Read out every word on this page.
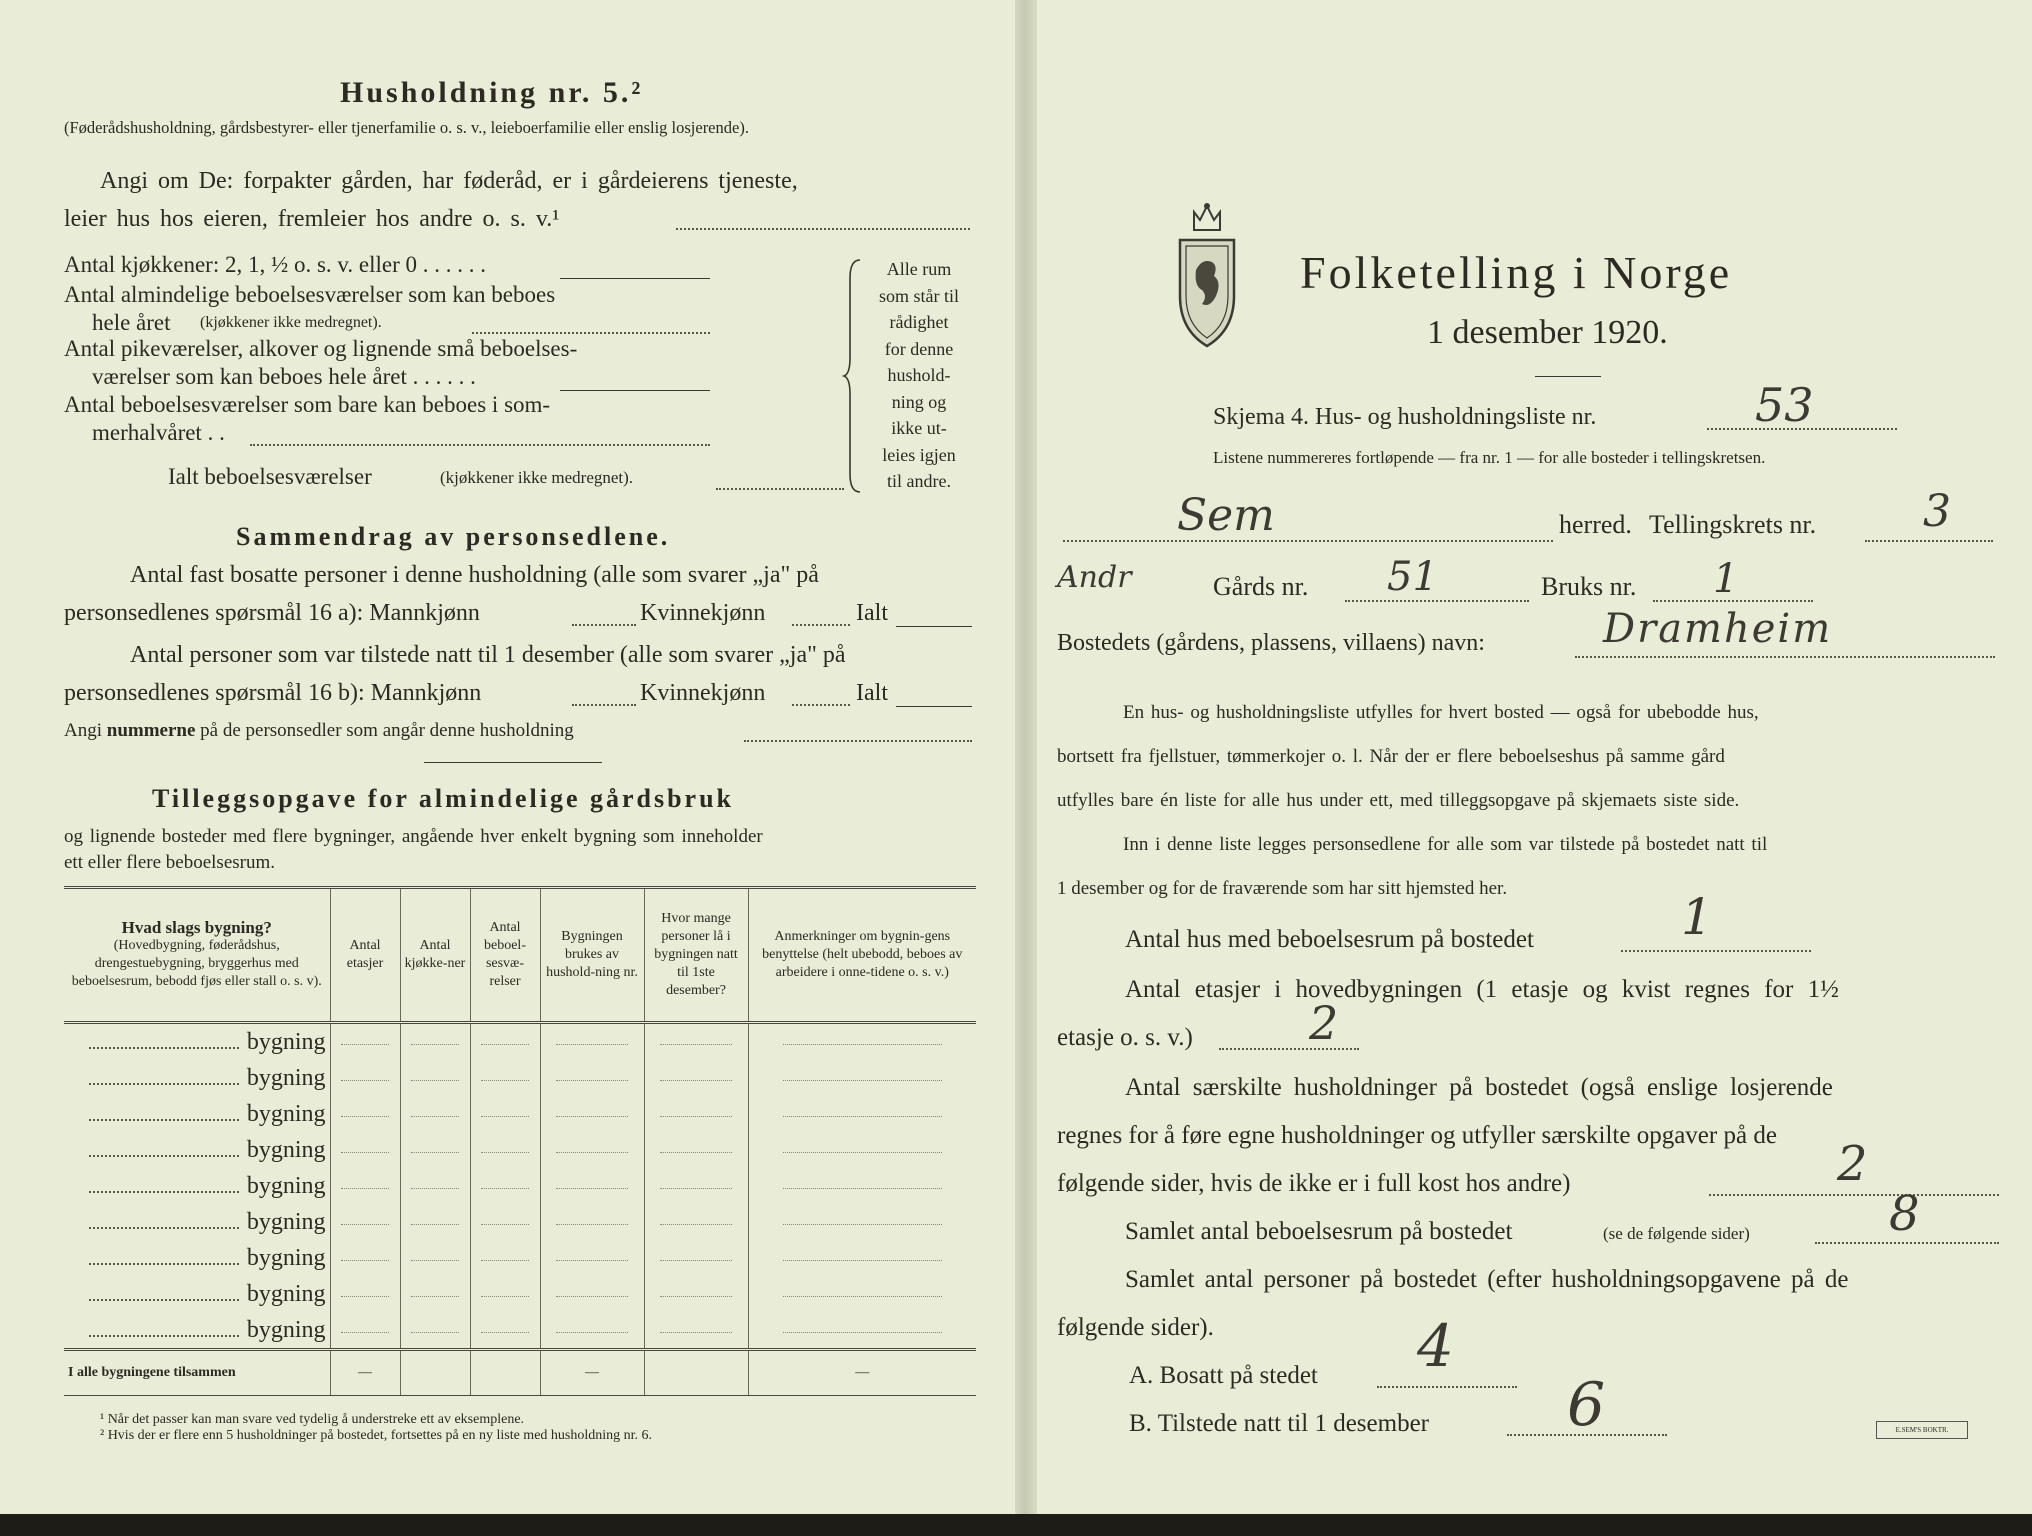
Husholdning nr. 5.²
(Føderådshusholdning, gårdsbestyrer- eller tjenerfamilie o. s. v., leieboerfamilie eller enslig losjerende).
Angi om De: forpakter gården, har føderåd, er i gårdeierens tjeneste,
leier hus hos eieren, fremleier hos andre o. s. v.¹
Antal kjøkkener: 2, 1, ½ o. s. v. eller 0 . . . . . .
Antal almindelige beboelsesværelser som kan beboes
hele året (kjøkkener ikke medregnet).
Antal pikeværelser, alkover og lignende små beboelses-
værelser som kan beboes hele året . . . . . .
Antal beboelsesværelser som bare kan beboes i som-
merhalvåret . .
Ialt beboelsesværelser	(kjøkkener ikke medregnet).
Alle rum
som står til
rådighet
for denne
hushold-
ning og
ikke ut-
leies igjen
til andre.
Sammendrag av personsedlene.
Antal fast bosatte personer i denne husholdning (alle som svarer „ja" på
personsedlenes spørsmål 16 a): Mannkjønn	Kvinnekjønn	Ialt
Antal personer som var tilstede natt til 1 desember (alle som svarer „ja" på
personsedlenes spørsmål 16 b): Mannkjønn	Kvinnekjønn	Ialt
Angi nummerne på de personsedler som angår denne husholdning
Tilleggsopgave for almindelige gårdsbruk
og lignende bosteder med flere bygninger, angående hver enkelt bygning som inneholder
ett eller flere beboelsesrum.
Hvad slags bygning?
(Hovedbygning, føderådshus, drengestuebygning, bryggerhus med beboelsesrum, bebodd fjøs eller stall o. s. v).	Antal etasjer	Antal kjøkke-ner	Antal beboel-sesvæ-relser	Bygningen brukes av hushold-ning nr.	Hvor mange personer lå i bygningen natt til 1ste desember?	Anmerkninger om bygnin-gens benyttelse (helt ubebodd, beboes av arbeidere i onne-tidene o. s. v.)
bygning						
bygning						
bygning						
bygning						
bygning						
bygning						
bygning						
bygning						
bygning						
I alle bygningene tilsammen	—			—		—
¹ Når det passer kan man svare ved tydelig å understreke ett av eksemplene.
² Hvis der er flere enn 5 husholdninger på bostedet, fortsettes på en ny liste med husholdning nr. 6.
Folketelling i Norge
1 desember 1920.
Skjema 4. Hus- og husholdningsliste nr.	53
Listene nummereres fortløpende — fra nr. 1 — for alle bosteder i tellingskretsen.
Sem	herred. Tellingskrets nr. 3
Andr	Gårds nr. 51	Bruks nr. 1
Bostedets (gårdens, plassens, villaens) navn:	Dramheim
En hus- og husholdningsliste utfylles for hvert bosted — også for ubebodde hus,
bortsett fra fjellstuer, tømmerkojer o. l. Når der er flere beboelseshus på samme gård
utfylles bare én liste for alle hus under ett, med tilleggsopgave på skjemaets siste side.
Inn i denne liste legges personsedlene for alle som var tilstede på bostedet natt til
1 desember og for de fraværende som har sitt hjemsted her.
Antal hus med beboelsesrum på bostedet	1
Antal etasjer i hovedbygningen (1 etasje og kvist regnes for 1½
etasje o. s. v.)	2
Antal særskilte husholdninger på bostedet (også enslige losjerende
regnes for å føre egne husholdninger og utfyller særskilte opgaver på de
følgende sider, hvis de ikke er i full kost hos andre)	2
Samlet antal beboelsesrum på bostedet	(se de følgende sider)	8
Samlet antal personer på bostedet (efter husholdningsopgavene på de
følgende sider).
A. Bosatt på stedet 4
B. Tilstede natt til 1 desember 6	E.SEM'S BOKTR.
